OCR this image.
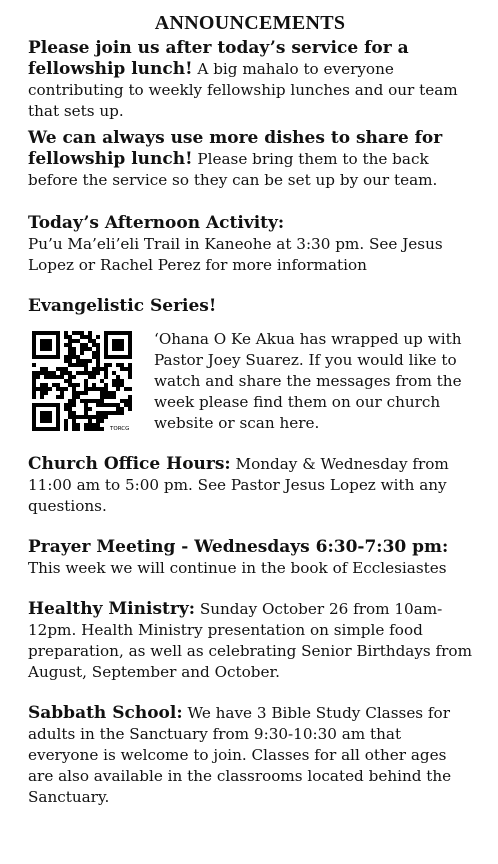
ANNOUNCEMENTS

Please join us after today’s service for a fellowship lunch! A big mahalo to everyone contributing to weekly fellowship lunches and our team that sets up.

We can always use more dishes to share for fellowship lunch! Please bring them to the back before the service so they can be set up by our team.

Today’s Afternoon Activity:
Pu’u Ma’eli’eli Trail in Kaneohe at 3:30 pm. See Jesus Lopez or Rachel Perez for more information

Evangelistic Series!

TORCG
‘Ohana O Ke Akua has wrapped up with Pastor Joey Suarez. If you would like to watch and share the messages from the week please find them on our church website or scan here.

Church Office Hours: Monday & Wednesday from 11:00 am to 5:00 pm. See Pastor Jesus Lopez with any questions.

Prayer Meeting - Wednesdays 6:30-7:30 pm:
This week we will continue in the book of Ecclesiastes

Healthy Ministry: Sunday October 26 from 10am-12pm. Health Ministry presentation on simple food preparation, as well as celebrating Senior Birthdays from August, September and October.

Sabbath School: We have 3 Bible Study Classes for adults in the Sanctuary from 9:30-10:30 am that everyone is welcome to join. Classes for all other ages are also available in the classrooms located behind the Sanctuary.
